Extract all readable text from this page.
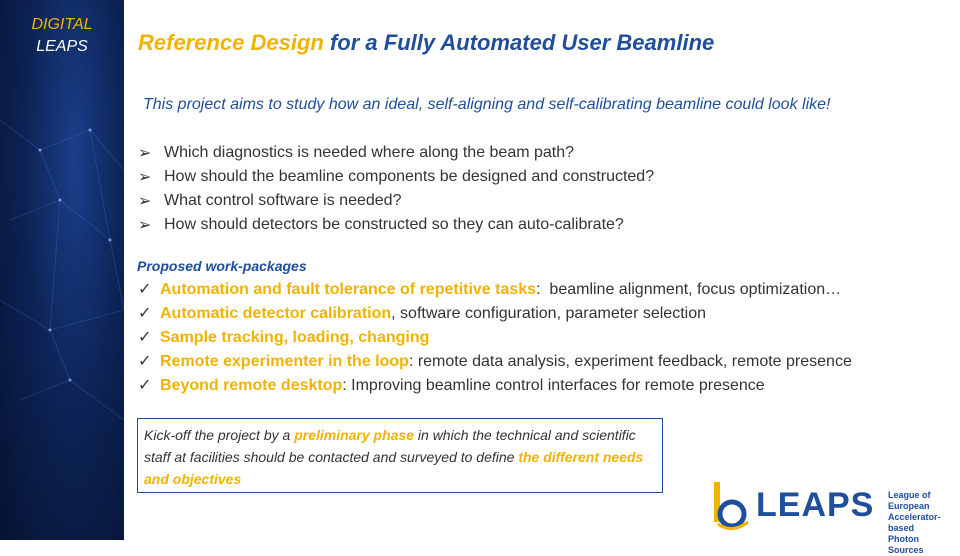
DIGITAL
LEAPS	Reference Design for a Fully Automated User Beamline
This project aims to study how an ideal, self-aligning and self-calibrating beamline could look like!
➢ Which diagnostics is needed where along the beam path?
➢ How should the beamline components be designed and constructed?
➢ What control software is needed?
➢ How should detectors be constructed so they can auto-calibrate?
Proposed work-packages
✓ Automation and fault tolerance of repetitive tasks :  beamline alignment, focus optimization…
✓ Automatic detector calibration , software configuration, parameter selection
✓ Sample tracking, loading, changing
✓ Remote experimenter in the loop : remote data analysis, experiment feedback, remote presence
✓ Beyond remote desktop : Improving beamline control interfaces for remote presence
Kick-off the project by a preliminary phase in which the technical and scientific staff at facilities should be contacted and surveyed to define the different needs and objectives
LEAPS League of European
Accelerator-based
Photon Sources
